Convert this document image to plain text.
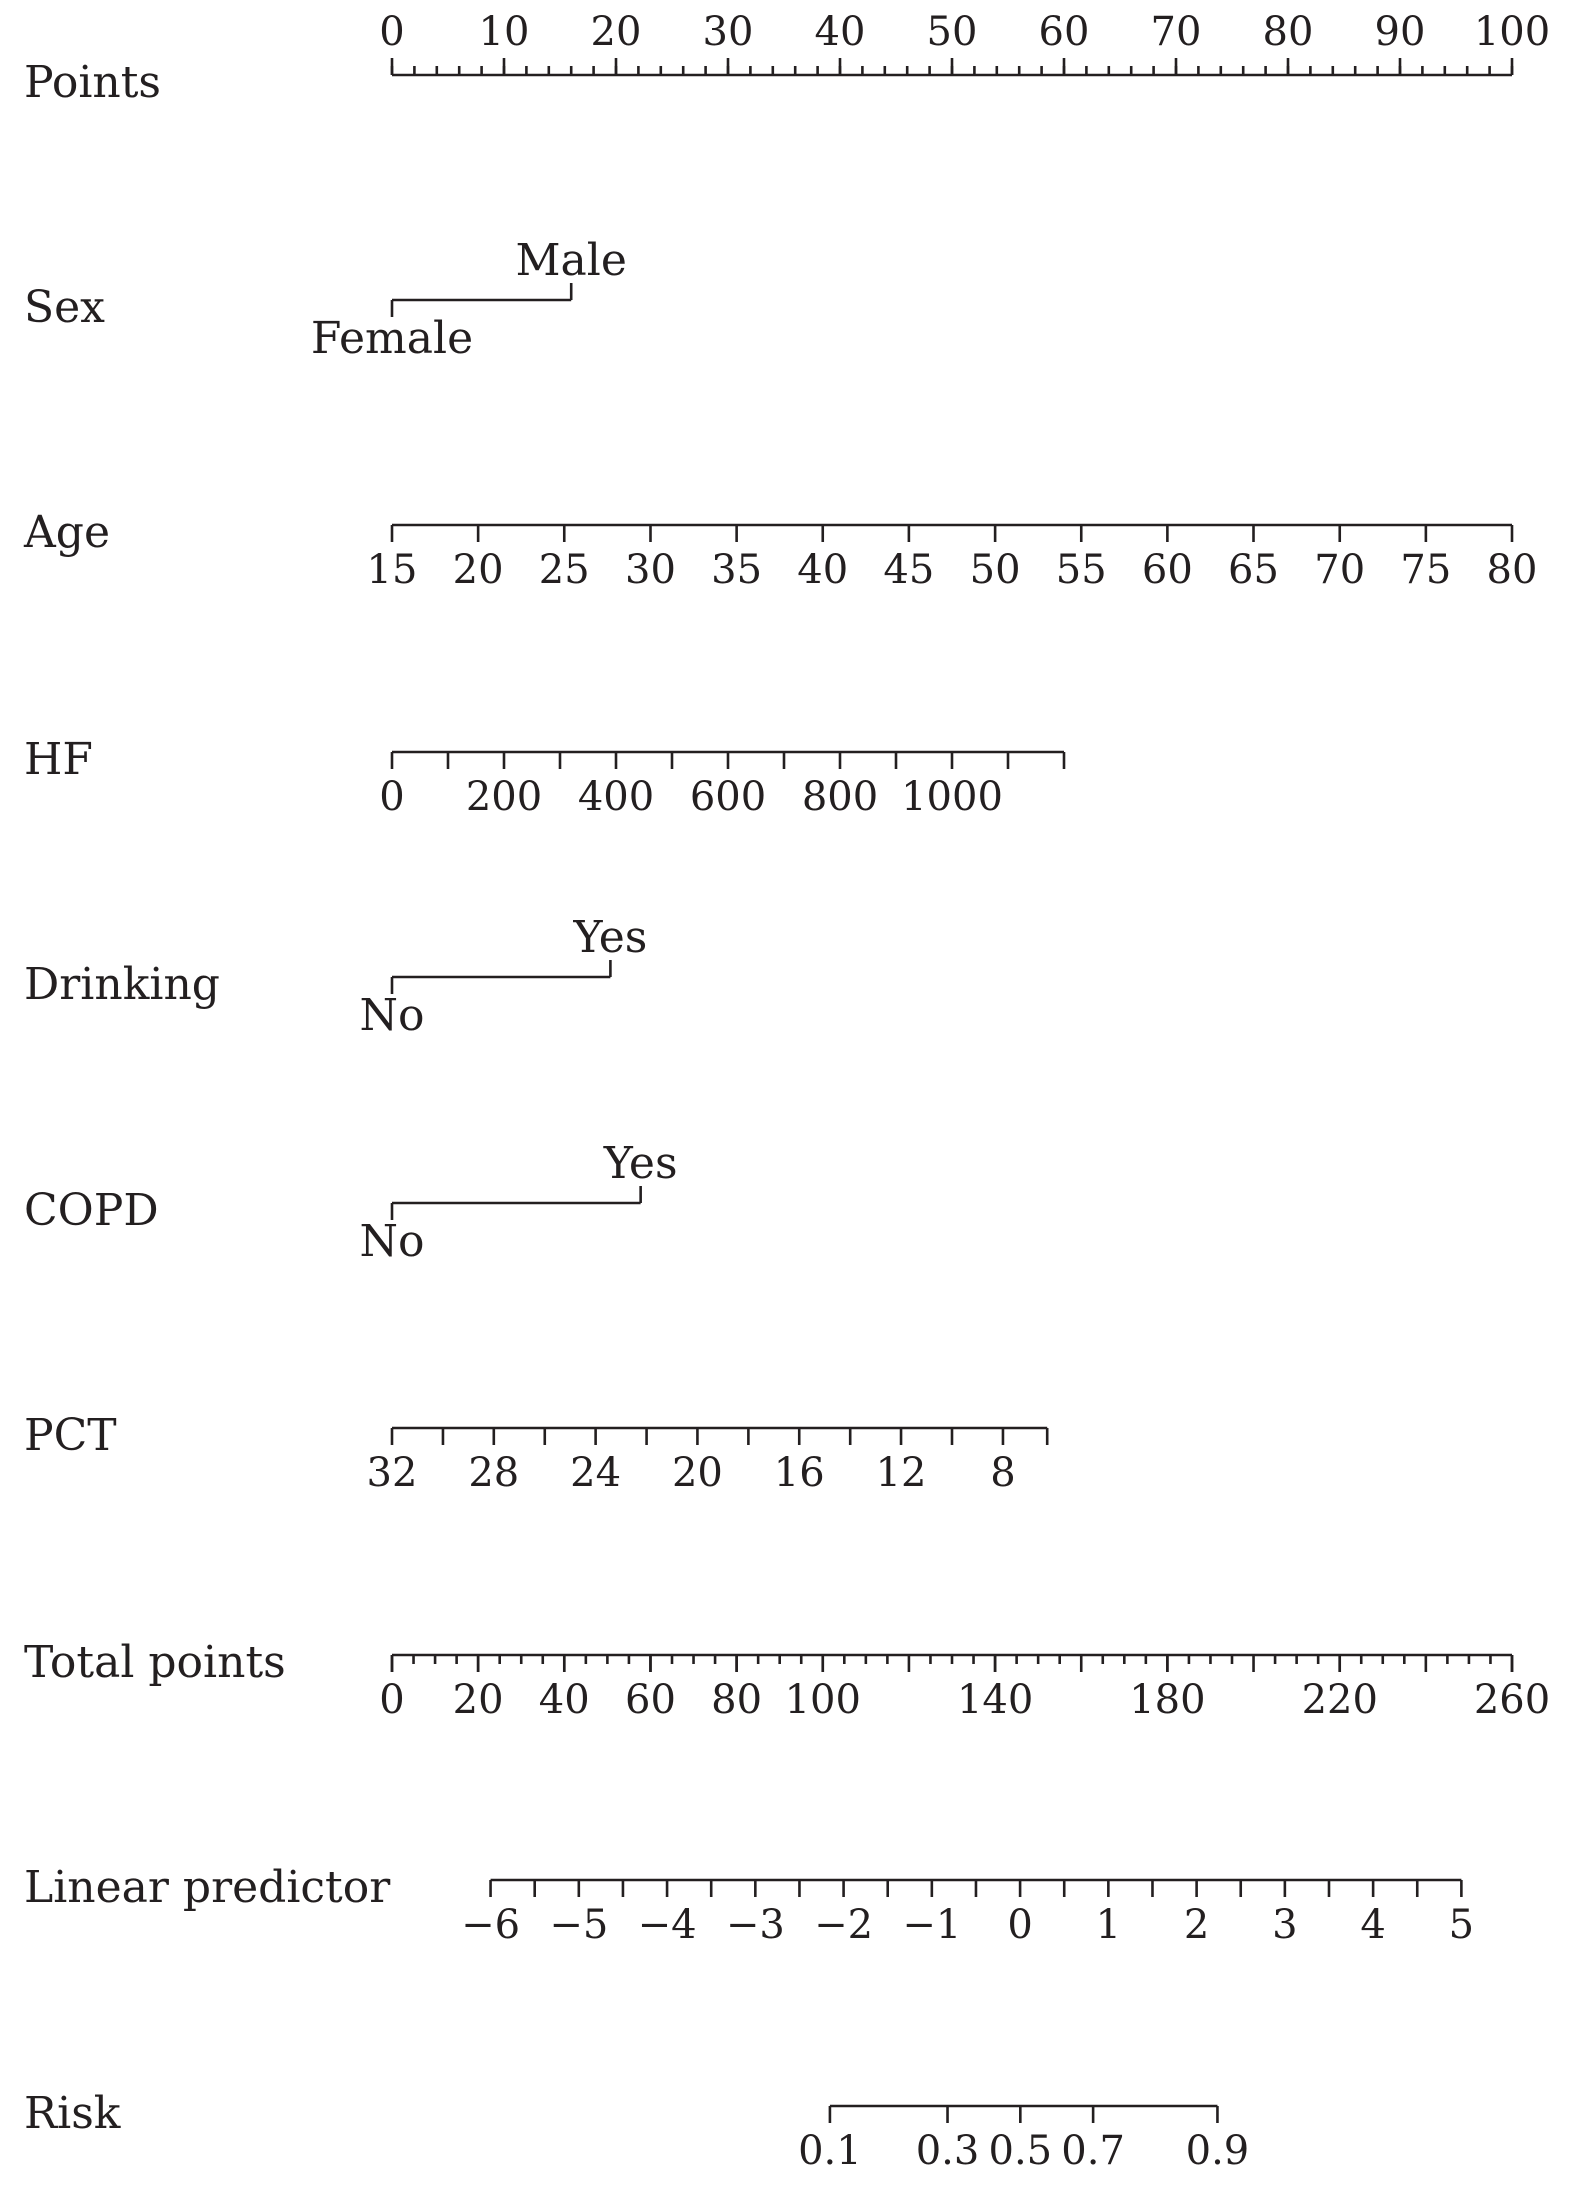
Points
0 10 20 30 40 50 60 70 80 90 100
Sex
Female
Male
Age
15 20 25 30 35 40 45 50 55 60 65 70 75 80
HF
0 200 400 600 800 1000
Drinking
No
Yes
COPD
No
Yes
PCT
32 28 24 20 16 12 8
Total points
0 20 40 60 80 100 140 180 220 260
Linear predictor
−6 −5 −4 −3 −2 −1 0 1 2 3 4 5
Risk
0.1 0.3 0.5 0.7 0.9
